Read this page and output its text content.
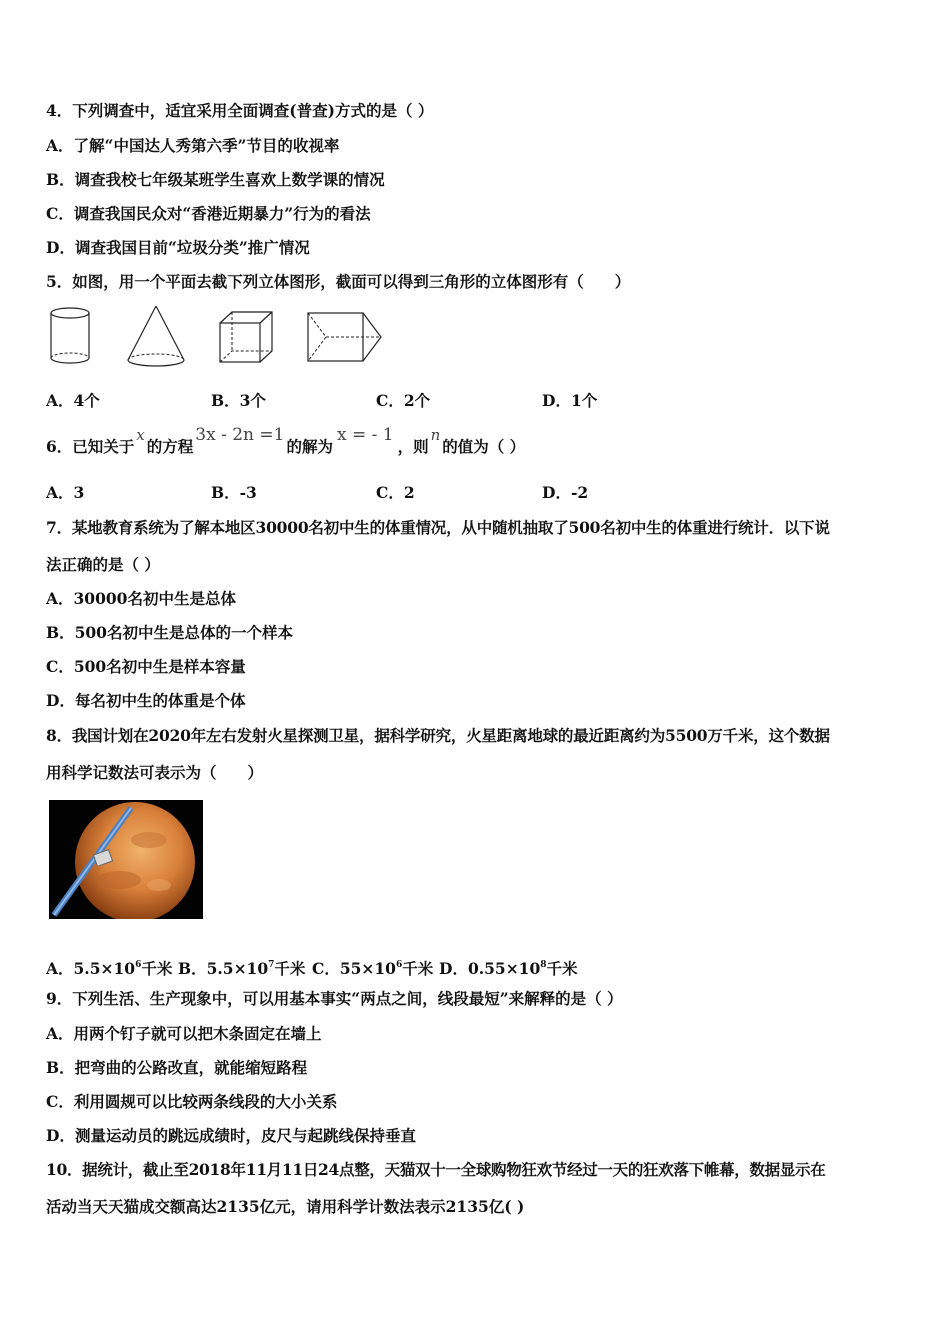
4．下列调查中，适宜采用全面调查(普查)方式的是（ ）
A．了解“中国达人秀第六季”节目的收视率
B．调查我校七年级某班学生喜欢上数学课的情况
C．调查我国民众对“香港近期暴力”行为的看法
D．调查我国目前“垃圾分类”推广情况
5．如图，用一个平面去截下列立体图形，截面可以得到三角形的立体图形有（　　）
A．4个	B．3个	C．2个	D．1个
6．已知关于x的方程3x - 2n =1的解为x = - 1，则n的值为（ ）
A．3	B．-3	C．2	D．-2
7．某地教育系统为了解本地区30000名初中生的体重情况，从中随机抽取了500名初中生的体重进行统计．以下说
法正确的是（ ）
A．30000名初中生是总体
B．500名初中生是总体的一个样本
C．500名初中生是样本容量
D．每名初中生的体重是个体
8．我国计划在2020年左右发射火星探测卫星，据科学研究，火星距离地球的最近距离约为5500万千米，这个数据
用科学记数法可表示为（　　）
A．$5.5\times 10^6$千米 B．$5.5\times 10^7$千米 C．$55\times 10^6$千米 D．$0.55\times 10^8$千米
9．下列生活、生产现象中，可以用基本事实“两点之间，线段最短”来解释的是（ ）
A．用两个钉子就可以把木条固定在墙上
B．把弯曲的公路改直，就能缩短路程
C．利用圆规可以比较两条线段的大小关系
D．测量运动员的跳远成绩时，皮尺与起跳线保持垂直
10．据统计，截止至2018年11月11日24点整，天猫双十一全球购物狂欢节经过一天的狂欢落下帷幕，数据显示在
活动当天天猫成交额高达2135亿元，请用科学计数法表示2135亿( )
